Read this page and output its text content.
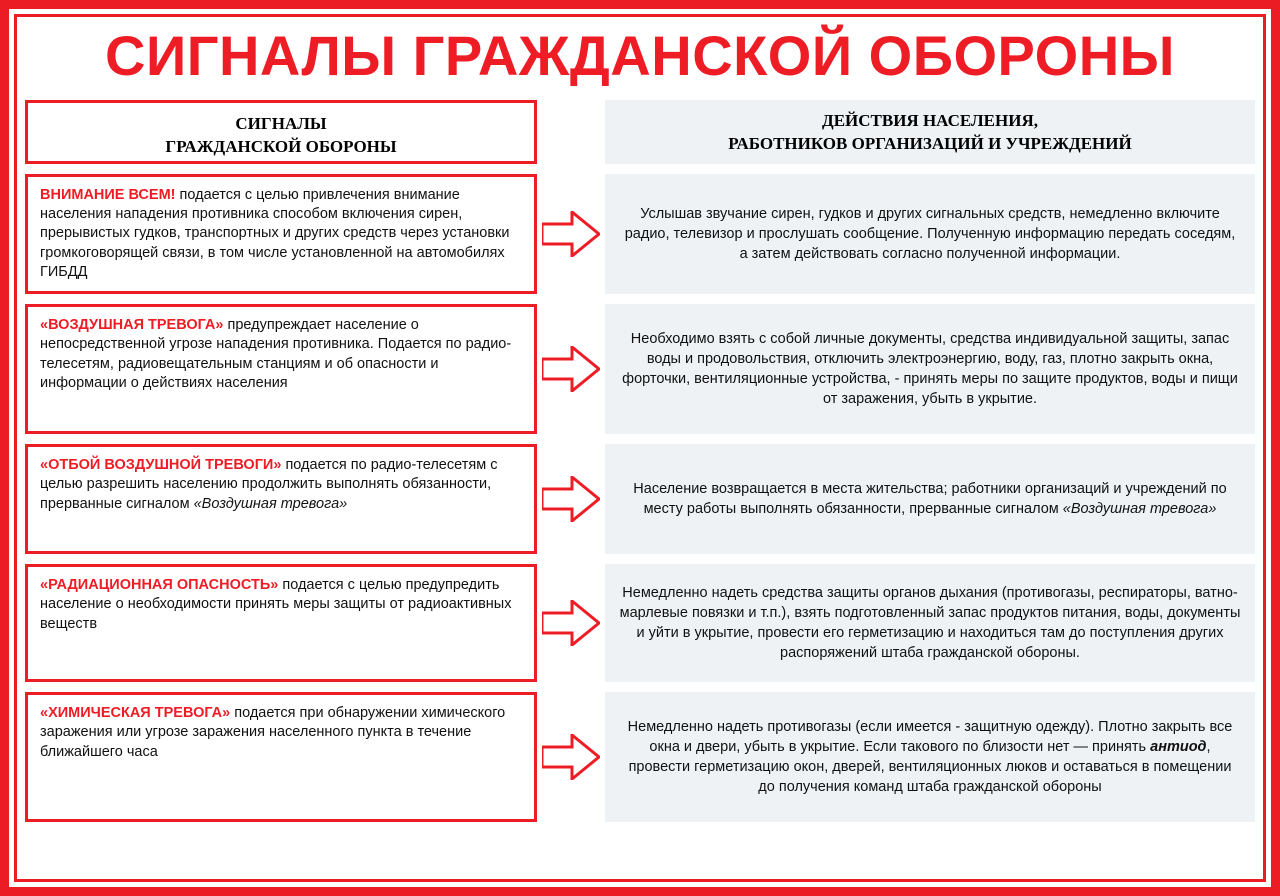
СИГНАЛЫ ГРАЖДАНСКОЙ ОБОРОНЫ
СИГНАЛЫ
ГРАЖДАНСКОЙ ОБОРОНЫ
ДЕЙСТВИЯ НАСЕЛЕНИЯ,
РАБОТНИКОВ ОРГАНИЗАЦИЙ И УЧРЕЖДЕНИЙ
ВНИМАНИЕ ВСЕМ! подается с целью привлечения внимание населения нападения противника способом включения сирен, прерывистых гудков, транспортных и других средств через установки громкоговорящей связи, в том числе установленной на автомобилях ГИБДД
Услышав звучание сирен, гудков и других сигнальных средств, немедленно включите радио, телевизор и прослушать сообщение. Полученную информацию передать соседям, а затем действовать согласно полученной информации.
«ВОЗДУШНАЯ ТРЕВОГА» предупреждает население о непосредственной угрозе нападения противника. Подается по радио- телесетям, радиовещательным станциям и об опасности и информации о действиях населения
Необходимо взять с собой личные документы, средства индивидуальной защиты, запас воды и продовольствия, отключить электроэнергию, воду, газ, плотно закрыть окна, форточки, вентиляционные устройства, - принять меры по защите продуктов, воды и пищи от заражения, убыть в укрытие.
«ОТБОЙ ВОЗДУШНОЙ ТРЕВОГИ» подается по радио-телесетям с целью разрешить населению продолжить выполнять обязанности, прерванные сигналом «Воздушная тревога»
Население возвращается в места жительства; работники организаций и учреждений по месту работы выполнять обязанности, прерванные сигналом «Воздушная тревога»
«РАДИАЦИОННАЯ ОПАСНОСТЬ» подается с целью предупредить население о необходимости принять меры защиты от радиоактивных веществ
Немедленно надеть средства защиты органов дыхания (противогазы, респираторы, ватно-марлевые повязки и т.п.), взять подготовленный запас продуктов питания, воды, документы и уйти в укрытие, провести его герметизацию и находиться там до поступления других распоряжений штаба гражданской обороны.
«ХИМИЧЕСКАЯ ТРЕВОГА» подается при обнаружении химического заражения или угрозе заражения населенного пункта в течение ближайшего часа
Немедленно надеть противогазы (если имеется - защитную одежду). Плотно закрыть все окна и двери, убыть в укрытие. Если такового по близости нет — принять антиод, провести герметизацию окон, дверей, вентиляционных люков и оставаться в помещении до получения команд штаба гражданской обороны
